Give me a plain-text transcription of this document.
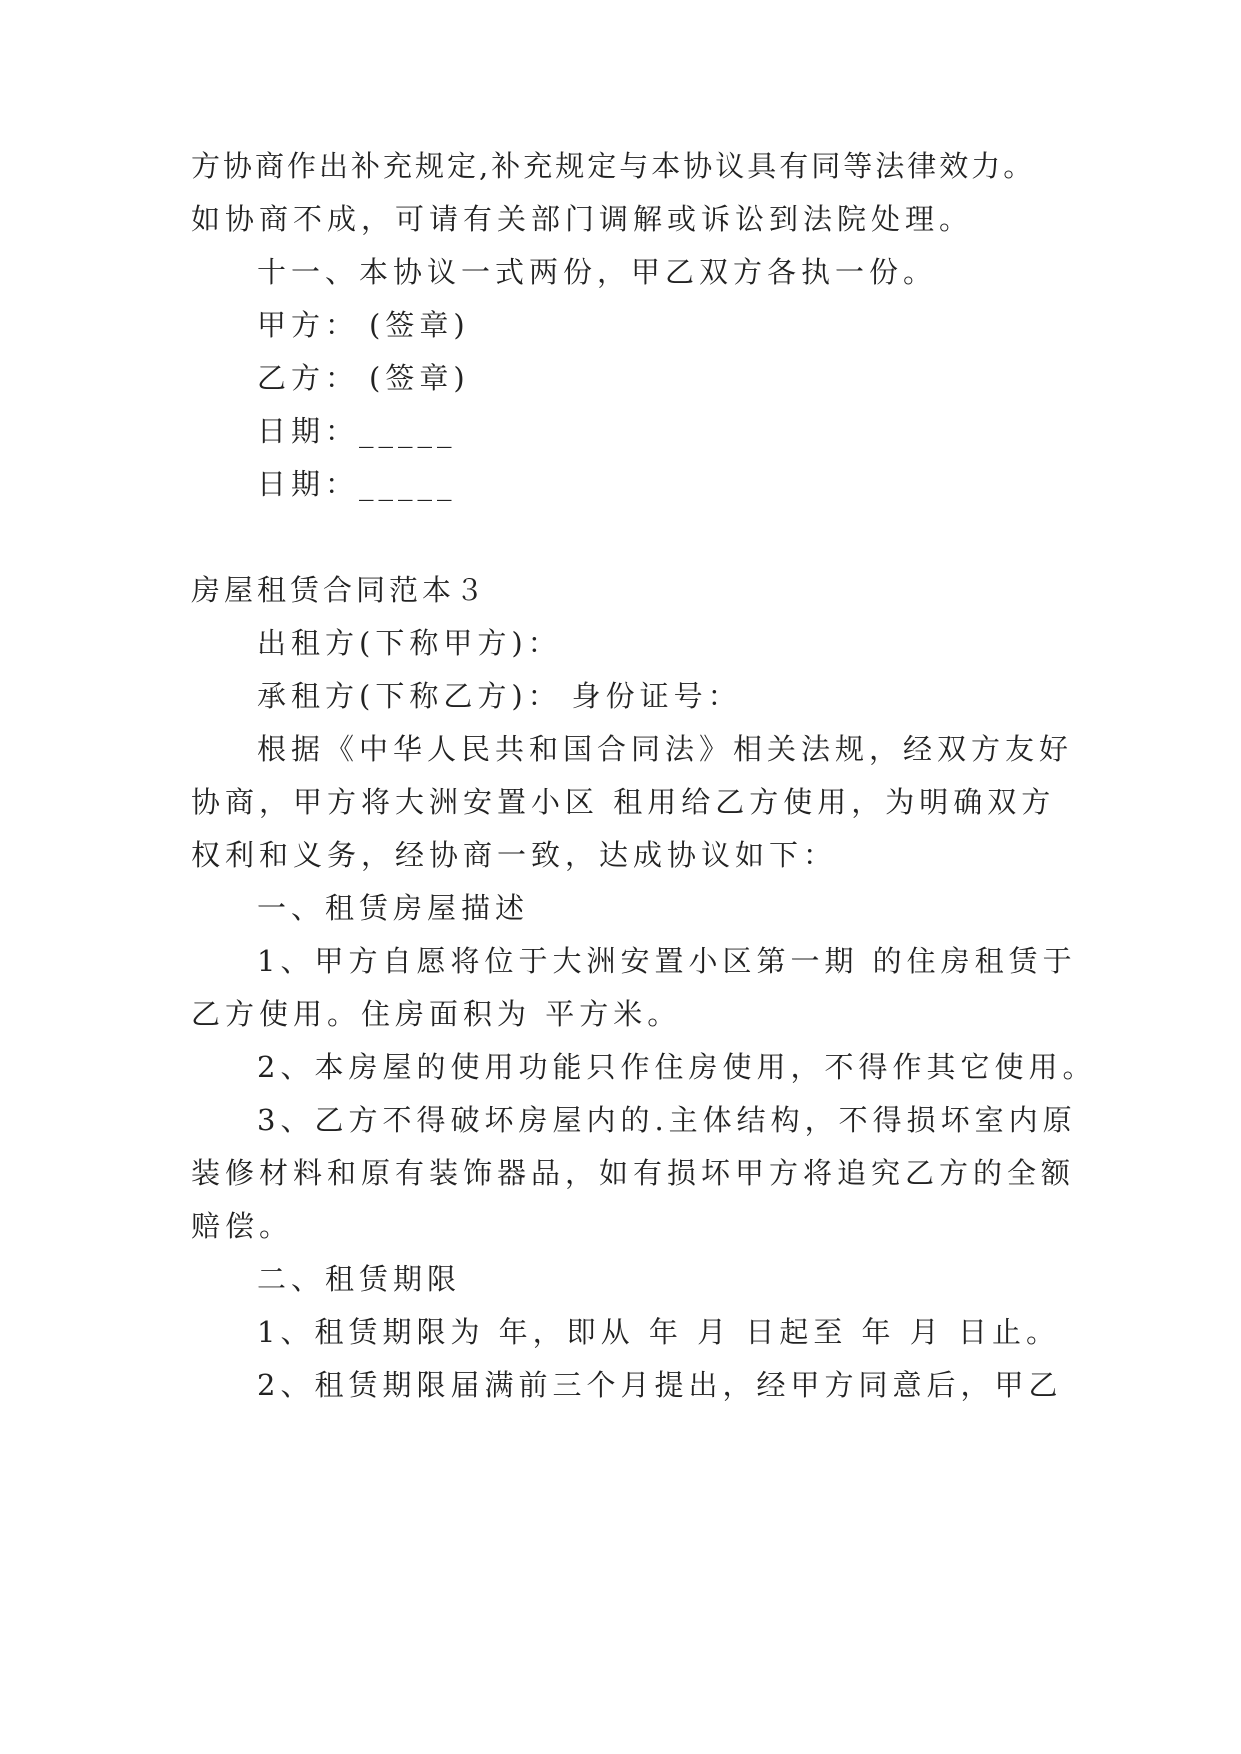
方协商作出补充规定,补充规定与本协议具有同等法律效力。
如协商不成，可请有关部门调解或诉讼到法院处理。
十一、本协议一式两份，甲乙双方各执一份。
甲方： (签章)
乙方： (签章)
日期：_____
日期：_____
房屋租赁合同范本３
出租方(下称甲方)：
承租方(下称乙方)： 身份证号：
根据《中华人民共和国合同法》相关法规，经双方友好
协商，甲方将大洲安置小区 租用给乙方使用，为明确双方
权利和义务，经协商一致，达成协议如下：
一、租赁房屋描述
1、甲方自愿将位于大洲安置小区第一期 的住房租赁于
乙方使用。住房面积为 平方米。
2、本房屋的使用功能只作住房使用，不得作其它使用。
3、乙方不得破坏房屋内的.主体结构，不得损坏室内原
装修材料和原有装饰器品，如有损坏甲方将追究乙方的全额
赔偿。
二、租赁期限
1、租赁期限为 年，即从 年 月 日起至 年 月 日止。
2、租赁期限届满前三个月提出，经甲方同意后，甲乙
